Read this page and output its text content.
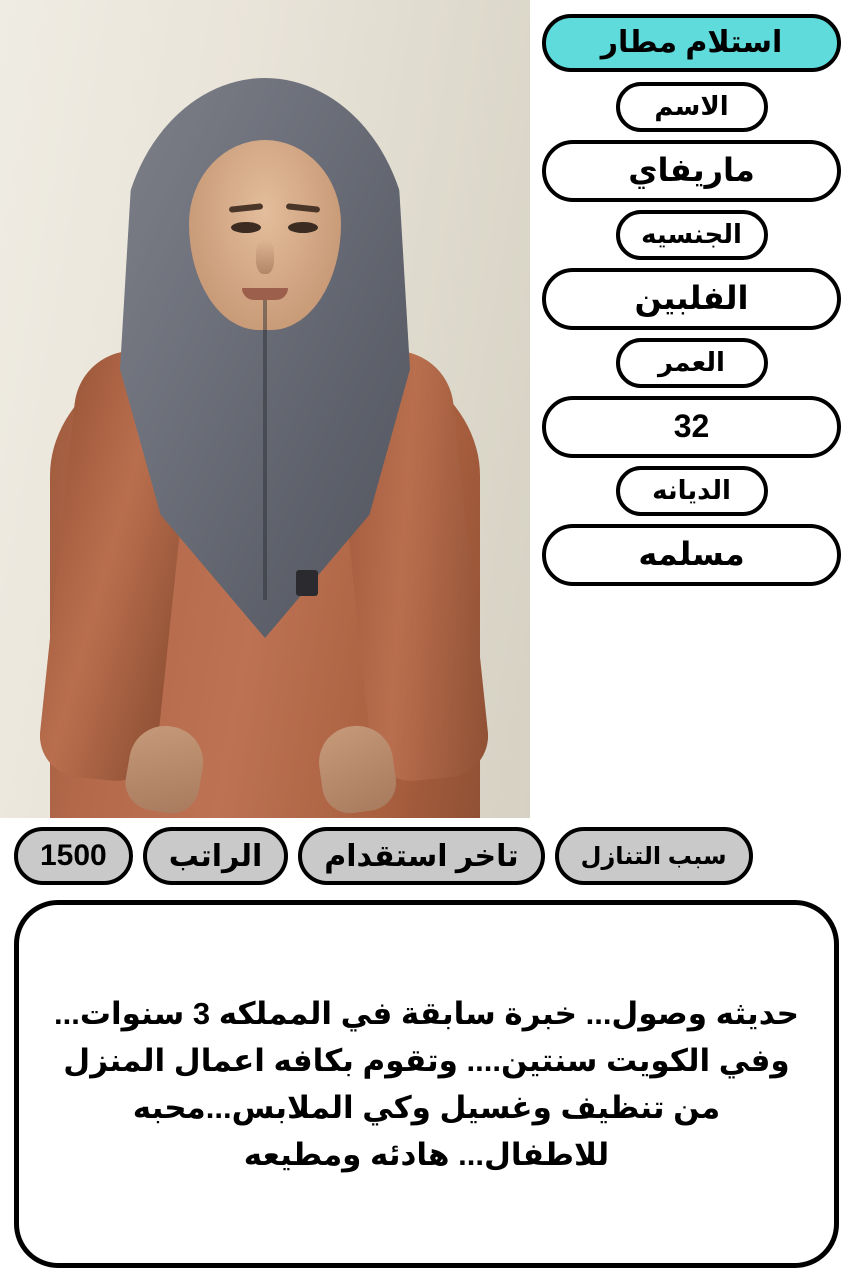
استلام مطار
الاسم
ماريفاي
الجنسيه
الفلبين
العمر
32
الديانه
مسلمه
سبب التنازل
تاخر استقدام
الراتب
1500

حديثه وصول... خبرة سابقة في المملكه 3 سنوات... وفي الكويت سنتين.... وتقوم بكافه اعمال المنزل من تنظيف وغسيل وكي الملابس...محبه للاطفال... هادئه ومطيعه
